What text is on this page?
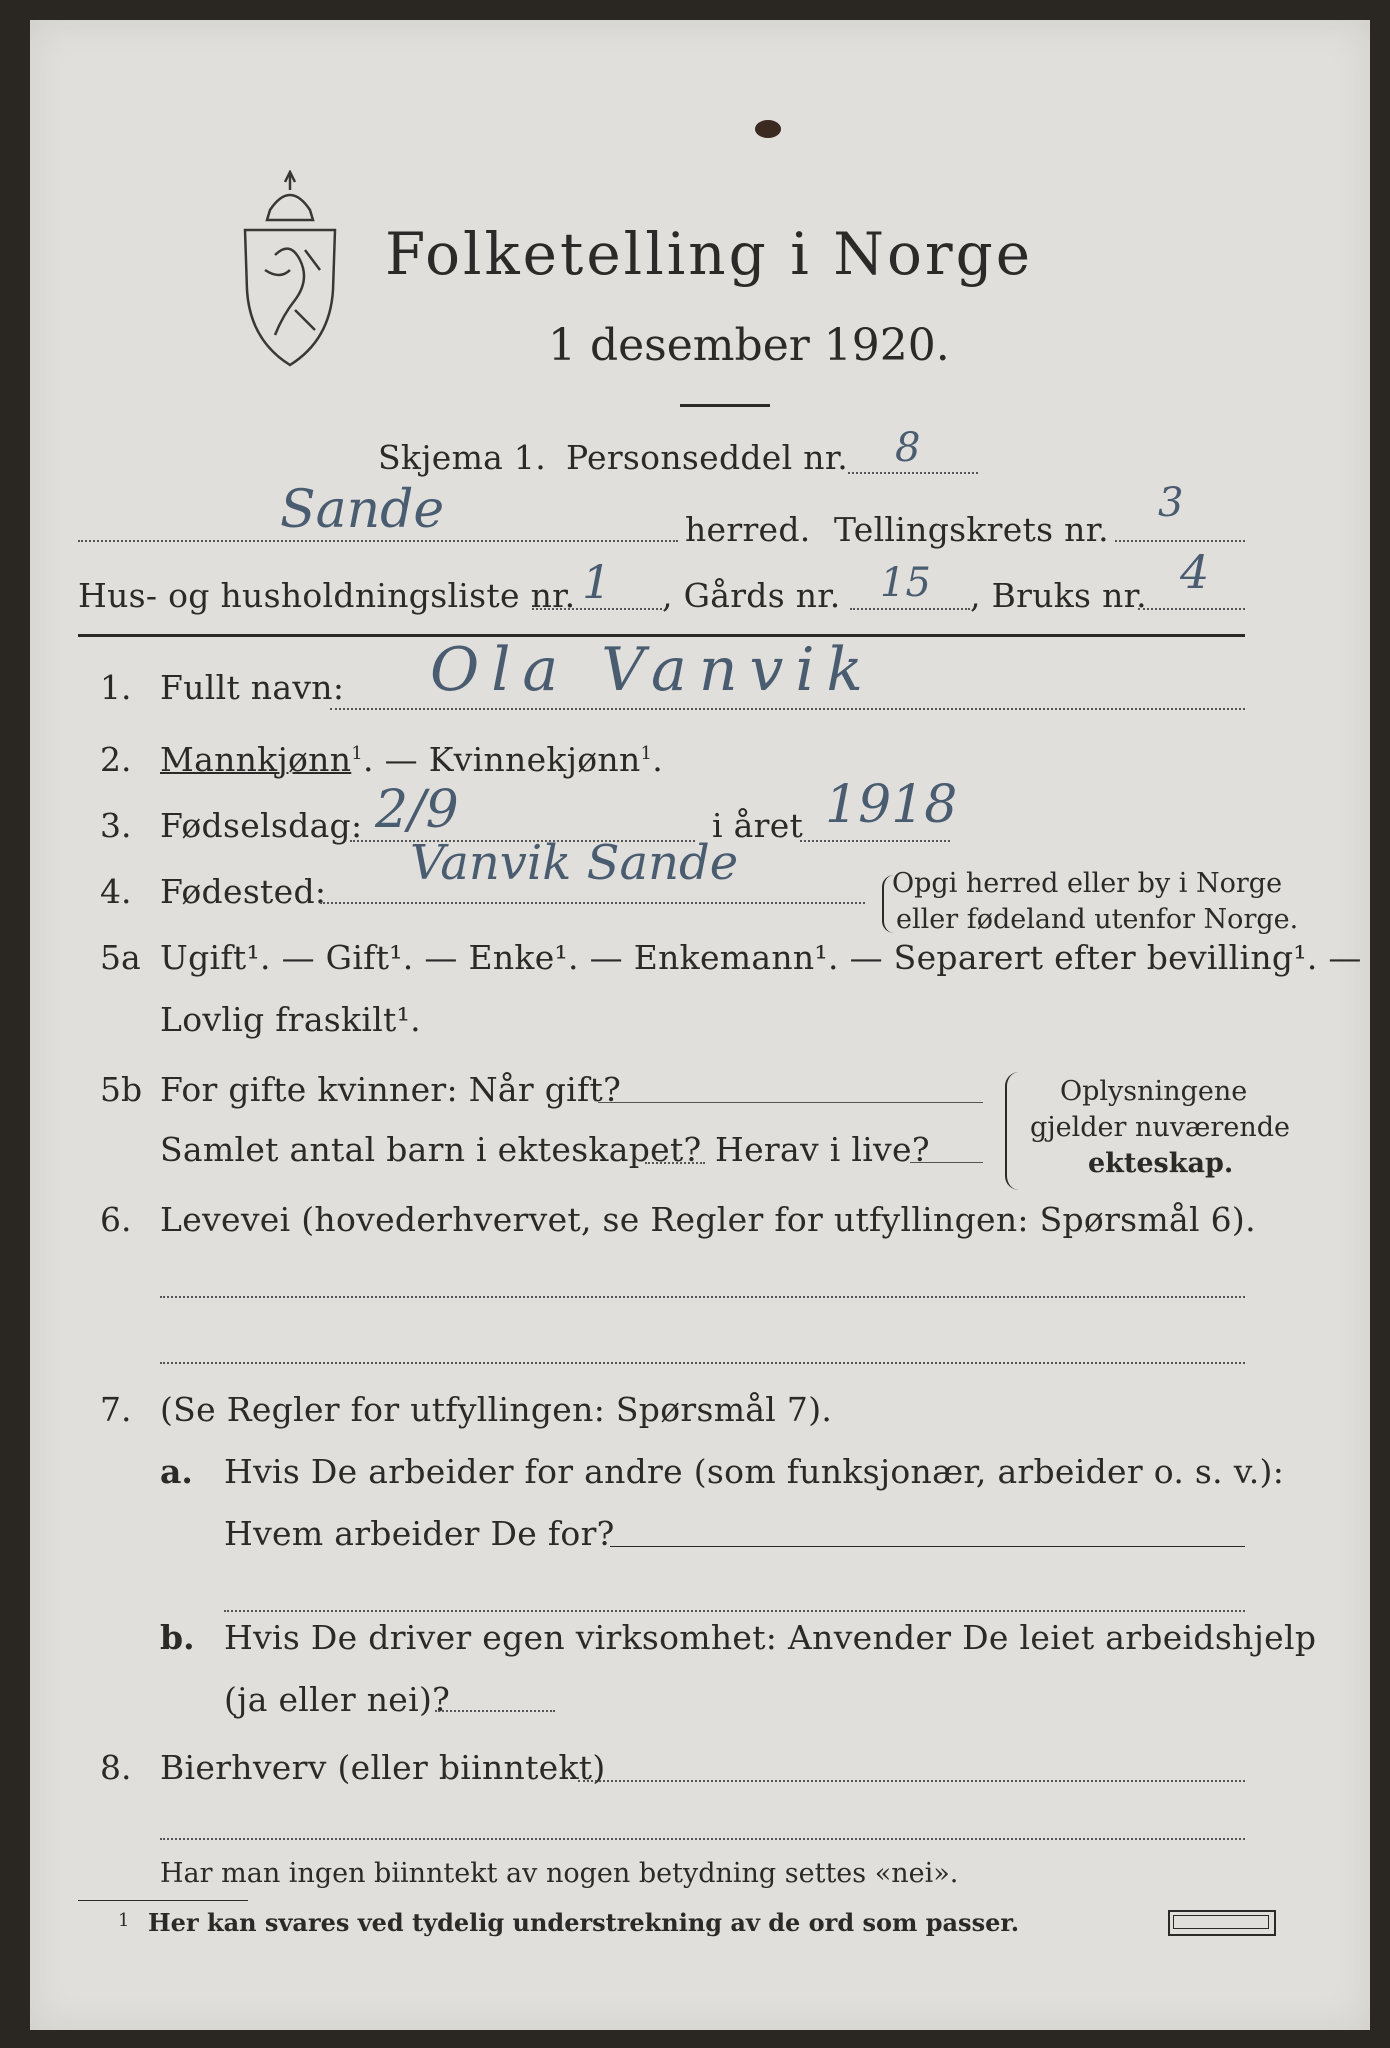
Folketelling i Norge
1 desember 1920.
Skjema 1. Personseddel nr. 8
Sande	herred. Tellingskrets nr.
3
Hus- og husholdningsliste nr. 1 , Gårds nr. 15 , Bruks nr. 4
1. Fullt navn: Ola Vanvik
2. Mannkjønn$^1$. — Kvinnekjønn$^1$.
3. Fødselsdag: 2/9	i året 1918
4. Fødested:
Vanvik Sande	Opgi herred eller by i Norge
eller fødeland utenfor Norge.
5a Ugift¹. — Gift¹. — Enke¹. — Enkemann¹. — Separert efter bevilling¹. —
Lovlig fraskilt¹.
5b For gifte kvinner: Når gift?
Samlet antal barn i ekteskapet? Herav i live?
Oplysningene
gjelder nuværende
ekteskap.
6. Levevei (hovederhvervet, se Regler for utfyllingen: Spørsmål 6).
7. (Se Regler for utfyllingen: Spørsmål 7).
a. Hvis De arbeider for andre (som funksjonær, arbeider o. s. v.):
Hvem arbeider De for?
b. Hvis De driver egen virksomhet: Anvender De leiet arbeidshjelp
(ja eller nei)?
8. Bierhverv (eller biinntekt)
Har man ingen biinntekt av nogen betydning settes «nei».
1 Her kan svares ved tydelig understrekning av de ord som passer.
